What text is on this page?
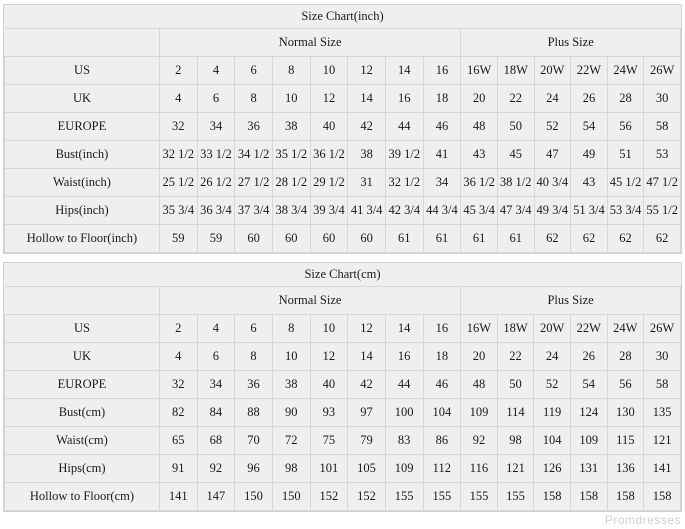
Size Chart(inch)														
	Normal Size								Plus Size					
US	2	4	6	8	10	12	14	16	16W	18W	20W	22W	24W	26W
UK	4	6	8	10	12	14	16	18	20	22	24	26	28	30
EUROPE	32	34	36	38	40	42	44	46	48	50	52	54	56	58
Bust(inch)	32 1/2	33 1/2	34 1/2	35 1/2	36 1/2	38	39 1/2	41	43	45	47	49	51	53
Waist(inch)	25 1/2	26 1/2	27 1/2	28 1/2	29 1/2	31	32 1/2	34	36 1/2	38 1/2	40 3/4	43	45 1/2	47 1/2
Hips(inch)	35 3/4	36 3/4	37 3/4	38 3/4	39 3/4	41 3/4	42 3/4	44 3/4	45 3/4	47 3/4	49 3/4	51 3/4	53 3/4	55 1/2
Hollow to Floor(inch)	59	59	60	60	60	60	61	61	61	61	62	62	62	62
Size Chart(cm)														
	Normal Size								Plus Size					
US	2	4	6	8	10	12	14	16	16W	18W	20W	22W	24W	26W
UK	4	6	8	10	12	14	16	18	20	22	24	26	28	30
EUROPE	32	34	36	38	40	42	44	46	48	50	52	54	56	58
Bust(cm)	82	84	88	90	93	97	100	104	109	114	119	124	130	135
Waist(cm)	65	68	70	72	75	79	83	86	92	98	104	109	115	121
Hips(cm)	91	92	96	98	101	105	109	112	116	121	126	131	136	141
Hollow to Floor(cm)	141	147	150	150	152	152	155	155	155	155	158	158	158	158
Promdresses
